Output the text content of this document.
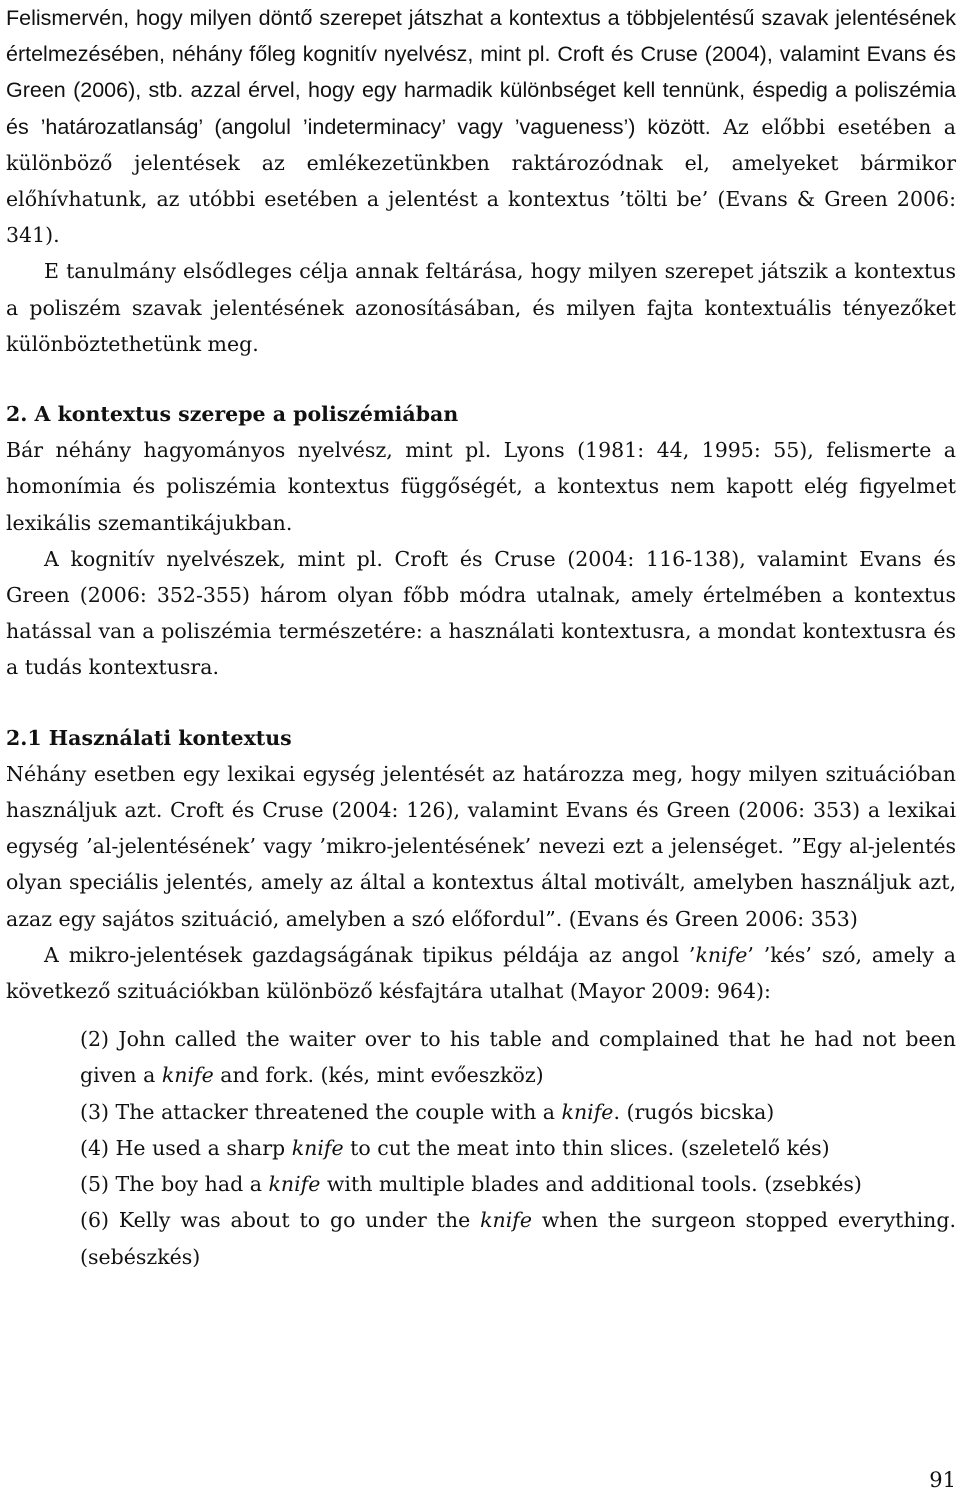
Felismervén, hogy milyen döntő szerepet játszhat a kontextus a többjelentésű szavak jelentésének értelmezésében, néhány főleg kognitív nyelvész, mint pl. Croft és Cruse (2004), valamint Evans és Green (2006), stb. azzal érvel, hogy egy harmadik különbséget kell tennünk, éspedig a poliszémia és ’határozatlanság’ (angolul ’indeterminacy’ vagy ’vagueness’) között. Az előbbi esetében a különböző jelentések az emlékezetünkben raktározódnak el, amelyeket bármikor előhívhatunk, az utóbbi esetében a jelentést a kontextus ’tölti be’ (Evans & Green 2006: 341).

E tanulmány elsődleges célja annak feltárása, hogy milyen szerepet játszik a kontextus a poliszém szavak jelentésének azonosításában, és milyen fajta kontextuális tényezőket különböztethetünk meg.

2. A kontextus szerepe a poliszémiában

Bár néhány hagyományos nyelvész, mint pl. Lyons (1981: 44, 1995: 55), felismerte a homonímia és poliszémia kontextus függőségét, a kontextus nem kapott elég figyelmet lexikális szemantikájukban.

A kognitív nyelvészek, mint pl. Croft és Cruse (2004: 116-138), valamint Evans és Green (2006: 352-355) három olyan főbb módra utalnak, amely értelmében a kontextus hatással van a poliszémia természetére: a használati kontextusra, a mondat kontextusra és a tudás kontextusra.

2.1 Használati kontextus

Néhány esetben egy lexikai egység jelentését az határozza meg, hogy milyen szituációban használjuk azt. Croft és Cruse (2004: 126), valamint Evans és Green (2006: 353) a lexikai egység ’al-jelentésének’ vagy ’mikro-jelentésének’ nevezi ezt a jelenséget. ”Egy al-jelentés olyan speciális jelentés, amely az által a kontextus által motivált, amelyben használjuk azt, azaz egy sajátos szituáció, amelyben a szó előfordul”. (Evans és Green 2006: 353)

A mikro-jelentések gazdagságának tipikus példája az angol ’knife’ ’kés’ szó, amely a következő szituációkban különböző késfajtára utalhat (Mayor 2009: 964):

(2) John called the waiter over to his table and complained that he had not been given a knife and fork. (kés, mint evőeszköz)
(3) The attacker threatened the couple with a knife. (rugós bicska)
(4) He used a sharp knife to cut the meat into thin slices. (szeletelő kés)
(5) The boy had a knife with multiple blades and additional tools. (zsebkés)
(6) Kelly was about to go under the knife when the surgeon stopped everything. (sebészkés)
91
